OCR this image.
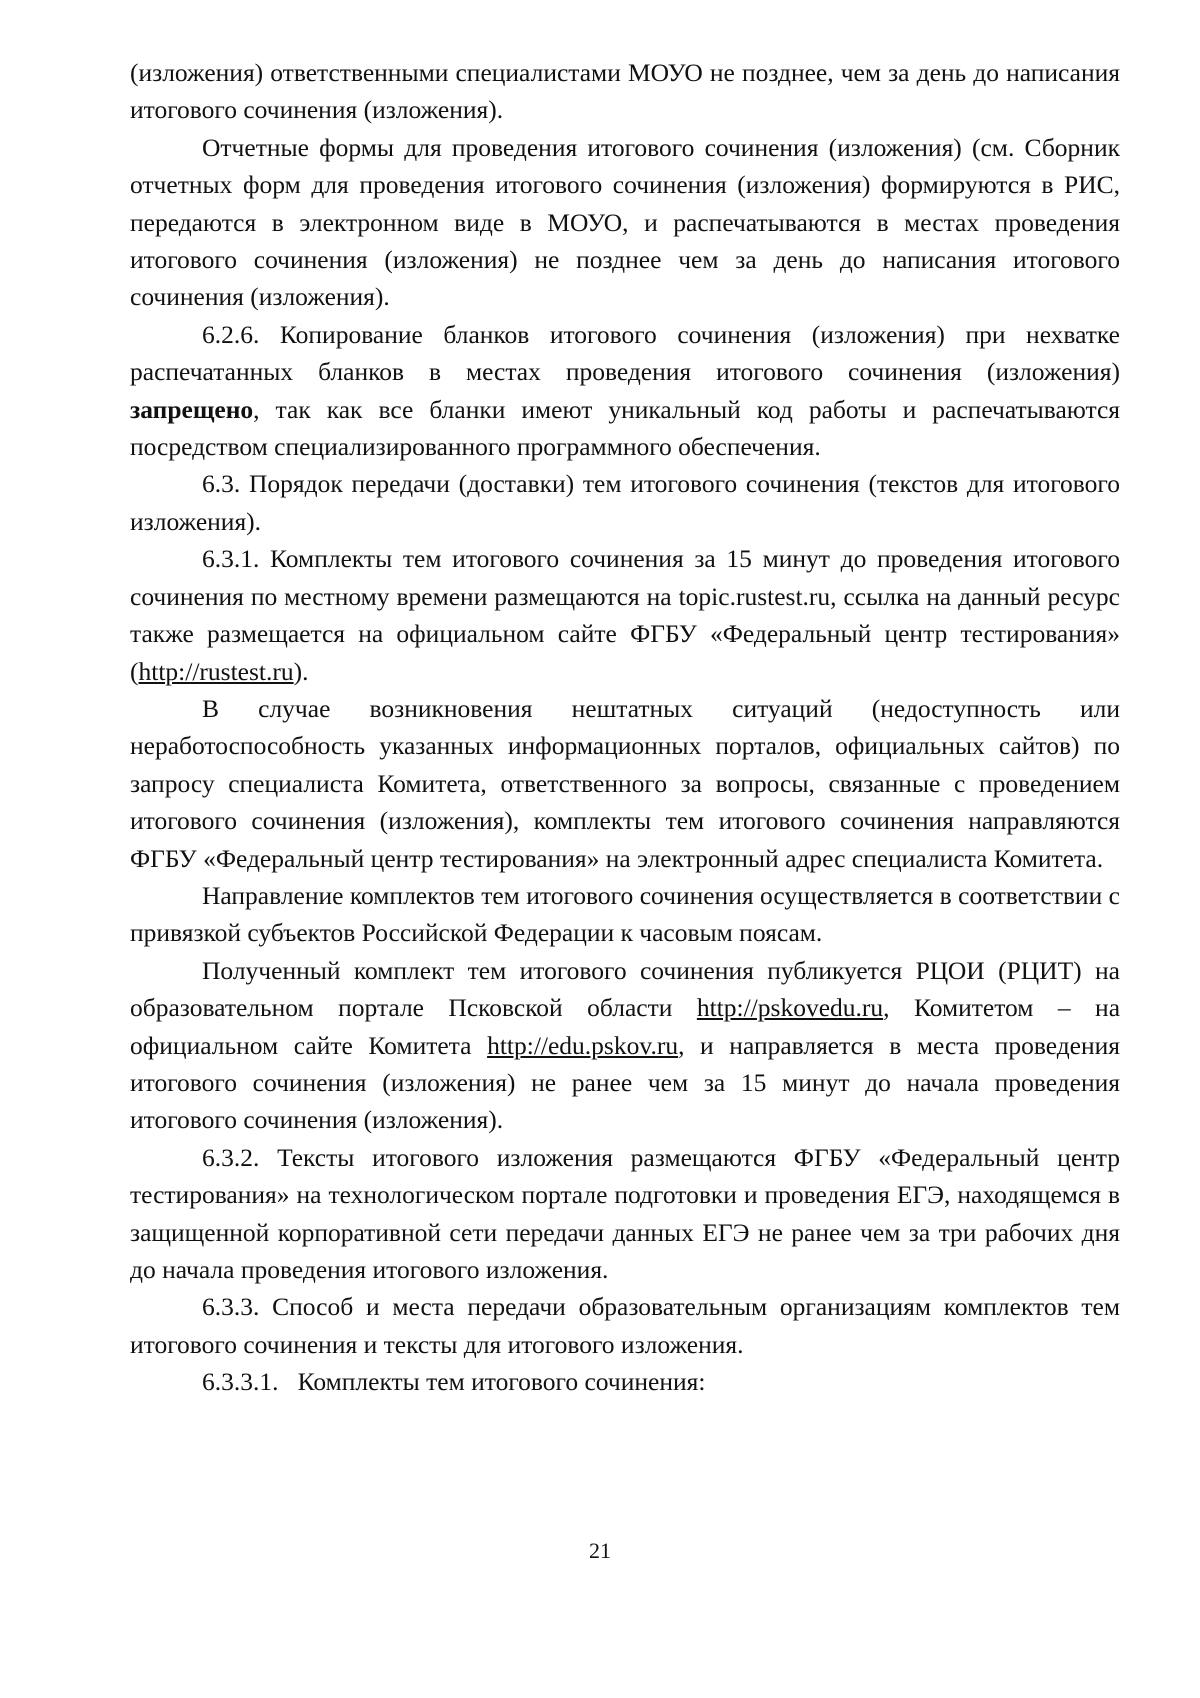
(изложения) ответственными специалистами МОУО не позднее, чем за день до написания итогового сочинения (изложения).

Отчетные формы для проведения итогового сочинения (изложения) (см. Сборник отчетных форм для проведения итогового сочинения (изложения) формируются в РИС, передаются в электронном виде в МОУО, и распечатываются в местах проведения итогового сочинения (изложения) не позднее чем за день до написания итогового сочинения (изложения).

6.2.6. Копирование бланков итогового сочинения (изложения) при нехватке распечатанных бланков в местах проведения итогового сочинения (изложения) запрещено, так как все бланки имеют уникальный код работы и распечатываются посредством специализированного программного обеспечения.

6.3. Порядок передачи (доставки) тем итогового сочинения (текстов для итогового изложения).

6.3.1. Комплекты тем итогового сочинения за 15 минут до проведения итогового сочинения по местному времени размещаются на topic.rustest.ru, ссылка на данный ресурс также размещается на официальном сайте ФГБУ «Федеральный центр тестирования» (http://rustest.ru).

В случае возникновения нештатных ситуаций (недоступность или неработоспособность указанных информационных порталов, официальных сайтов) по запросу специалиста Комитета, ответственного за вопросы, связанные с проведением итогового сочинения (изложения), комплекты тем итогового сочинения направляются ФГБУ «Федеральный центр тестирования» на электронный адрес специалиста Комитета.

Направление комплектов тем итогового сочинения осуществляется в соответствии с привязкой субъектов Российской Федерации к часовым поясам.

Полученный комплект тем итогового сочинения публикуется РЦОИ (РЦИТ) на образовательном портале Псковской области http://pskovedu.ru, Комитетом – на официальном сайте Комитета http://edu.pskov.ru, и направляется в места проведения итогового сочинения (изложения) не ранее чем за 15 минут до начала проведения итогового сочинения (изложения).

6.3.2. Тексты итогового изложения размещаются ФГБУ «Федеральный центр тестирования» на технологическом портале подготовки и проведения ЕГЭ, находящемся в защищенной корпоративной сети передачи данных ЕГЭ не ранее чем за три рабочих дня до начала проведения итогового изложения.

6.3.3. Способ и места передачи образовательным организациям комплектов тем итогового сочинения и тексты для итогового изложения.

6.3.3.1.   Комплекты тем итогового сочинения:

21
